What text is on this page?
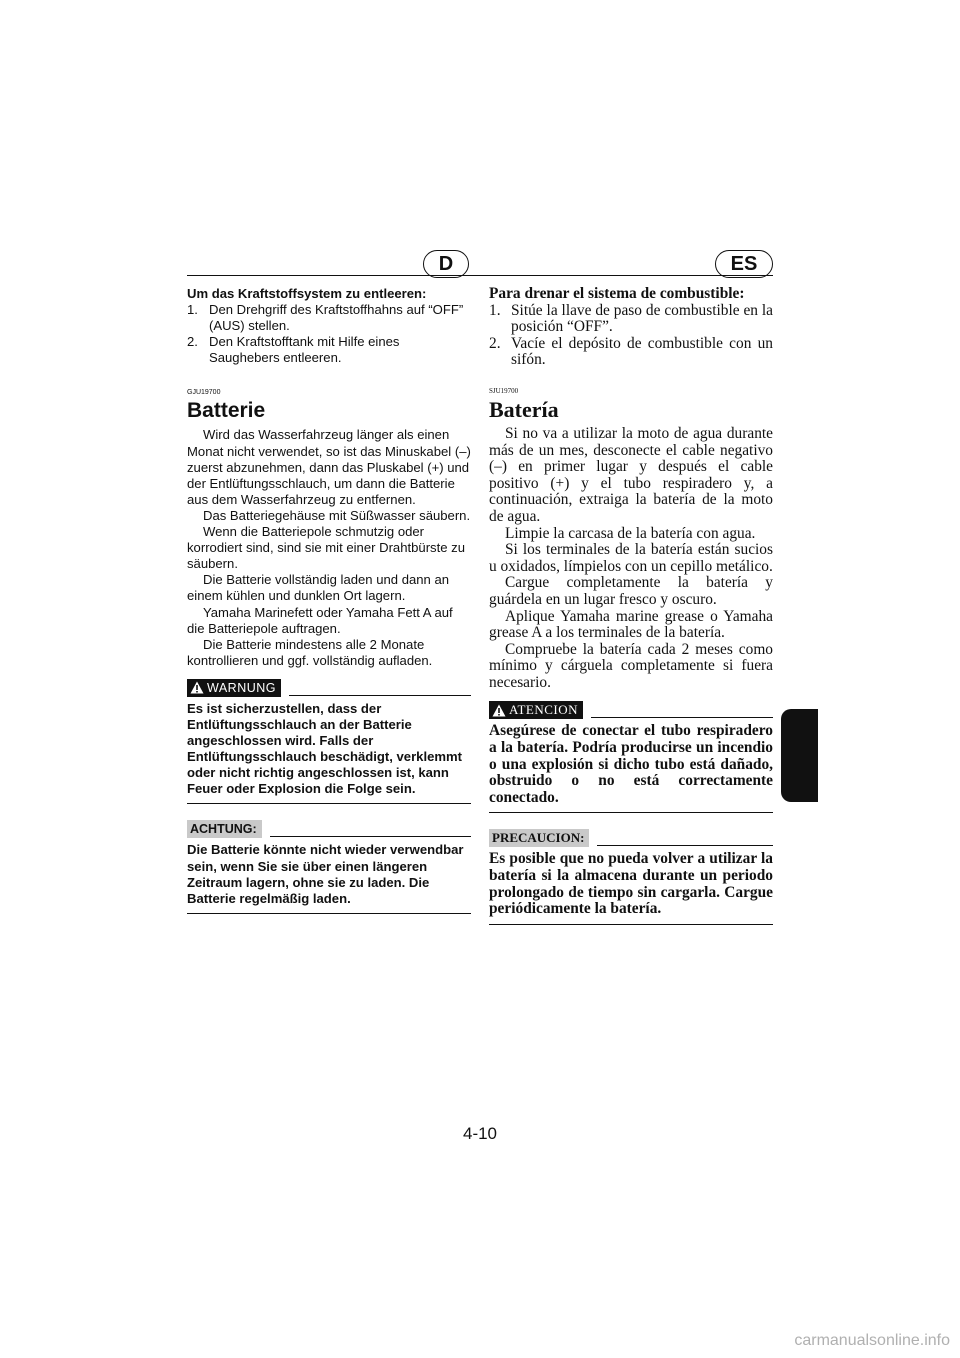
D	ES

Um das Kraftstoffsystem zu entleeren:

1. Den Drehgriff des Kraftstoffhahns auf “OFF” (AUS) stellen.

2. Den Kraftstofftank mit Hilfe eines Saughebers entleeren.

GJU19700

Batterie

Wird das Wasserfahrzeug länger als einen Monat nicht verwendet, so ist das Minuskabel (–) zuerst abzunehmen, dann das Pluskabel (+) und der Entlüftungsschlauch, um dann die Batterie aus dem Wasserfahrzeug zu entfernen.

Das Batteriegehäuse mit Süßwasser säubern.

Wenn die Batteriepole schmutzig oder korrodiert sind, sind sie mit einer Drahtbürste zu säubern.

Die Batterie vollständig laden und dann an einem kühlen und dunklen Ort lagern.

Yamaha Marinefett oder Yamaha Fett A auf die Batteriepole auftragen.

Die Batterie mindestens alle 2 Monate kontrollieren und ggf. vollständig aufladen.

WARNUNG

Es ist sicherzustellen, dass der Entlüftungsschlauch an der Batterie angeschlossen wird. Falls der Entlüftungsschlauch beschädigt, verklemmt oder nicht richtig angeschlossen ist, kann Feuer oder Explosion die Folge sein.

ACHTUNG:

Die Batterie könnte nicht wieder verwendbar sein, wenn Sie sie über einen längeren Zeitraum lagern, ohne sie zu laden. Die Batterie regelmäßig laden.

Para drenar el sistema de combustible:

1. Sitúe la llave de paso de combustible en la posición “OFF”.

2. Vacíe el depósito de combustible con un sifón.

SJU19700

Batería

Si no va a utilizar la moto de agua durante más de un mes, desconecte el cable negativo (–) en primer lugar y después el cable positivo (+) y el tubo respiradero y, a continuación, extraiga la batería de la moto de agua.

Limpie la carcasa de la batería con agua.

Si los terminales de la batería están sucios u oxidados, límpielos con un cepillo metálico.

Cargue completamente la batería y guárdela en un lugar fresco y oscuro.

Aplique Yamaha marine grease o Yamaha grease A a los terminales de la batería.

Compruebe la batería cada 2 meses como mínimo y cárguela completamente si fuera necesario.

ATENCION

Asegúrese de conectar el tubo respiradero a la batería. Podría producirse un incendio o una explosión si dicho tubo está dañado, obstruido o no está correctamente conectado.

PRECAUCION:

Es posible que no pueda volver a utilizar la batería si la almacena durante un periodo prolongado de tiempo sin cargarla. Cargue periódicamente la batería.

4-10
carmanualsonline.info
